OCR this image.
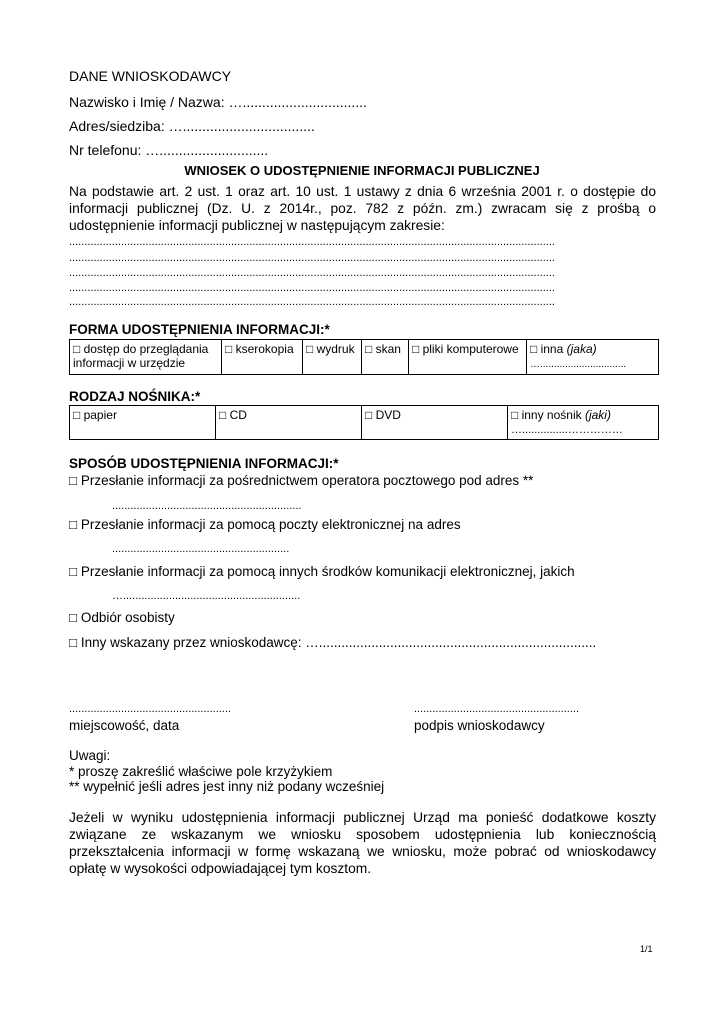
DANE WNIOSKODAWCY
Nazwisko i Imię / Nazwa: …................................
Adres/siedziba: …..................................
Nr telefonu: …............................
WNIOSEK O UDOSTĘPNIENIE INFORMACJI PUBLICZNEJ
Na podstawie art. 2 ust. 1 oraz art. 10 ust. 1 ustawy z dnia 6 września 2001 r. o dostępie do informacji publicznej (Dz. U. z 2014r., poz. 782 z późn. zm.) zwracam się z prośbą o udostępnienie informacji publicznej w następującym zakresie:
...............................................................................................................................................................
...............................................................................................................................................................
...............................................................................................................................................................
...............................................................................................................................................................
...............................................................................................................................................................
FORMA UDOSTĘPNIENIA INFORMACJI:*
□ dostęp do przeglądania informacji w urzędzie	□ kserokopia	□ wydruk	□ skan	□ pliki komputerowe	□ inna (jaka)
…...............................
RODZAJ NOŚNIKA:*
□ papier	□ CD	□ DVD	□ inny nośnik (jaki)
…...............……………
SPOSÓB UDOSTĘPNIENIA INFORMACJI:*
□ Przesłanie informacji za pośrednictwem operatora pocztowego pod adres **
..............................................................
□ Przesłanie informacji za pomocą poczty elektronicznej na adres
..........................................................
□ Przesłanie informacji za pomocą innych środków komunikacji elektronicznej, jakich
…..........................................................
□ Odbiór osobisty
□ Inny wskazany przez wnioskodawcę: …..........................................................................
.....................................................
miejscowość, data
......................................................
podpis wnioskodawcy
Uwagi:
* proszę zakreślić właściwe pole krzyżykiem
** wypełnić jeśli adres jest inny niż podany wcześniej
Jeżeli w wyniku udostępnienia informacji publicznej Urząd ma ponieść dodatkowe koszty związane ze wskazanym we wniosku sposobem udostępnienia lub koniecznością przekształcenia informacji w formę wskazaną we wniosku, może pobrać od wnioskodawcy opłatę w wysokości odpowiadającej tym kosztom.
1/1
